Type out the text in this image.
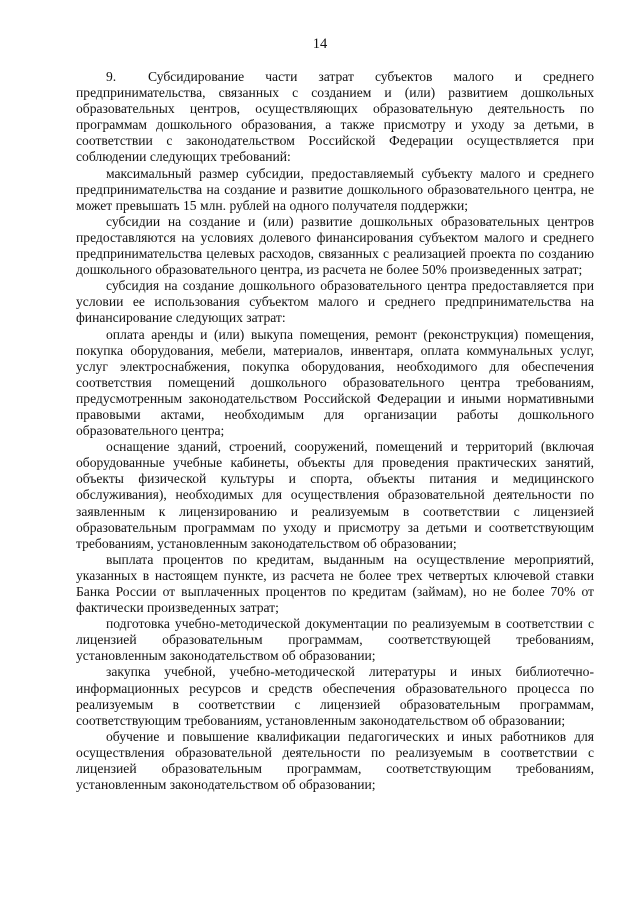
14

9. Субсидирование части затрат субъектов малого и среднего предпринимательства, связанных с созданием и (или) развитием дошкольных образовательных центров, осуществляющих образовательную деятельность по программам дошкольного образования, а также присмотру и уходу за детьми, в соответствии с законодательством Российской Федерации осуществляется при соблюдении следующих требований:

максимальный размер субсидии, предоставляемый субъекту малого и среднего предпринимательства на создание и развитие дошкольного образовательного центра, не может превышать 15 млн. рублей на одного получателя поддержки;

субсидии на создание и (или) развитие дошкольных образовательных центров предоставляются на условиях долевого финансирования субъектом малого и среднего предпринимательства целевых расходов, связанных с реализацией проекта по созданию дошкольного образовательного центра, из расчета не более 50% произведенных затрат;

субсидия на создание дошкольного образовательного центра предоставляется при условии ее использования субъектом малого и среднего предпринимательства на финансирование следующих затрат:

оплата аренды и (или) выкупа помещения, ремонт (реконструкция) помещения, покупка оборудования, мебели, материалов, инвентаря, оплата коммунальных услуг, услуг электроснабжения, покупка оборудования, необходимого для обеспечения соответствия помещений дошкольного образовательного центра требованиям, предусмотренным законодательством Российской Федерации и иными нормативными правовыми актами, необходимым для организации работы дошкольного образовательного центра;

оснащение зданий, строений, сооружений, помещений и территорий (включая оборудованные учебные кабинеты, объекты для проведения практических занятий, объекты физической культуры и спорта, объекты питания и медицинского обслуживания), необходимых для осуществления образовательной деятельности по заявленным к лицензированию и реализуемым в соответствии с лицензией образовательным программам по уходу и присмотру за детьми и соответствующим требованиям, установленным законодательством об образовании;

выплата процентов по кредитам, выданным на осуществление мероприятий, указанных в настоящем пункте, из расчета не более трех четвертых ключевой ставки Банка России от выплаченных процентов по кредитам (займам), но не более 70% от фактически произведенных затрат;

подготовка учебно-методической документации по реализуемым в соответствии с лицензией образовательным программам, соответствующей требованиям, установленным законодательством об образовании;

закупка учебной, учебно-методической литературы и иных библиотечно-информационных ресурсов и средств обеспечения образовательного процесса по реализуемым в соответствии с лицензией образовательным программам, соответствующим требованиям, установленным законодательством об образовании;

обучение и повышение квалификации педагогических и иных работников для осуществления образовательной деятельности по реализуемым в соответствии с лицензией образовательным программам, соответствующим требованиям, установленным законодательством об образовании;
